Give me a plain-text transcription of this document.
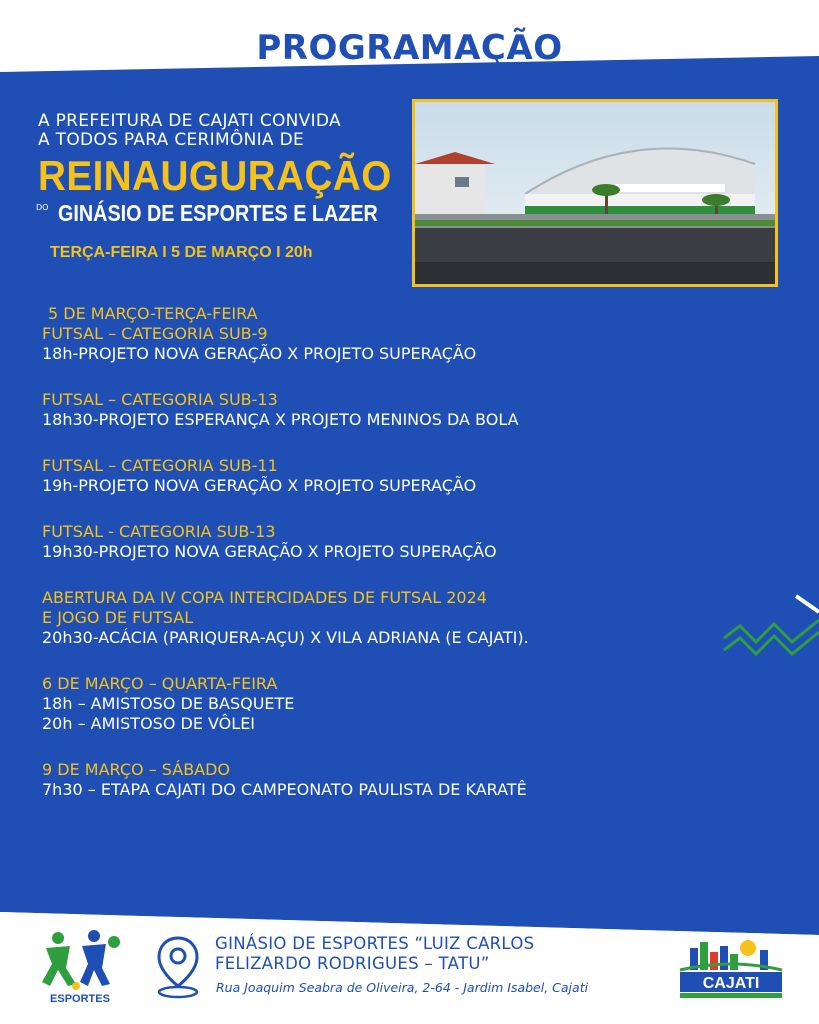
PROGRAMAÇÃO
A PREFEITURA DE CAJATI CONVIDA
A TODOS PARA CERIMÔNIA DE
REINAUGURAÇÃO
DO GINÁSIO DE ESPORTES E LAZER
TERÇA-FEIRA I 5 DE MARÇO I 20h
5 DE MARÇO-TERÇA-FEIRA
FUTSAL – CATEGORIA SUB-9
18h-PROJETO NOVA GERAÇÃO X PROJETO SUPERAÇÃO
FUTSAL – CATEGORIA SUB-13
18h30-PROJETO ESPERANÇA X PROJETO MENINOS DA BOLA
FUTSAL – CATEGORIA SUB-11
19h-PROJETO NOVA GERAÇÃO X PROJETO SUPERAÇÃO
FUTSAL - CATEGORIA SUB-13
19h30-PROJETO NOVA GERAÇÃO X PROJETO SUPERAÇÃO
ABERTURA DA IV COPA INTERCIDADES DE FUTSAL 2024
E JOGO DE FUTSAL
20h30-ACÁCIA (PARIQUERA-AÇU) X VILA ADRIANA (E CAJATI).
6 DE MARÇO – QUARTA-FEIRA
18h – AMISTOSO DE BASQUETE
20h – AMISTOSO DE VÔLEI
9 DE MARÇO – SÁBADO
7h30 – ETAPA CAJATI DO CAMPEONATO PAULISTA DE KARATÊ
ESPORTES
GINÁSIO DE ESPORTES “LUIZ CARLOS
FELIZARDO RODRIGUES – TATU”
Rua Joaquim Seabra de Oliveira, 2-64 - Jardim Isabel, Cajati	CAJATI
